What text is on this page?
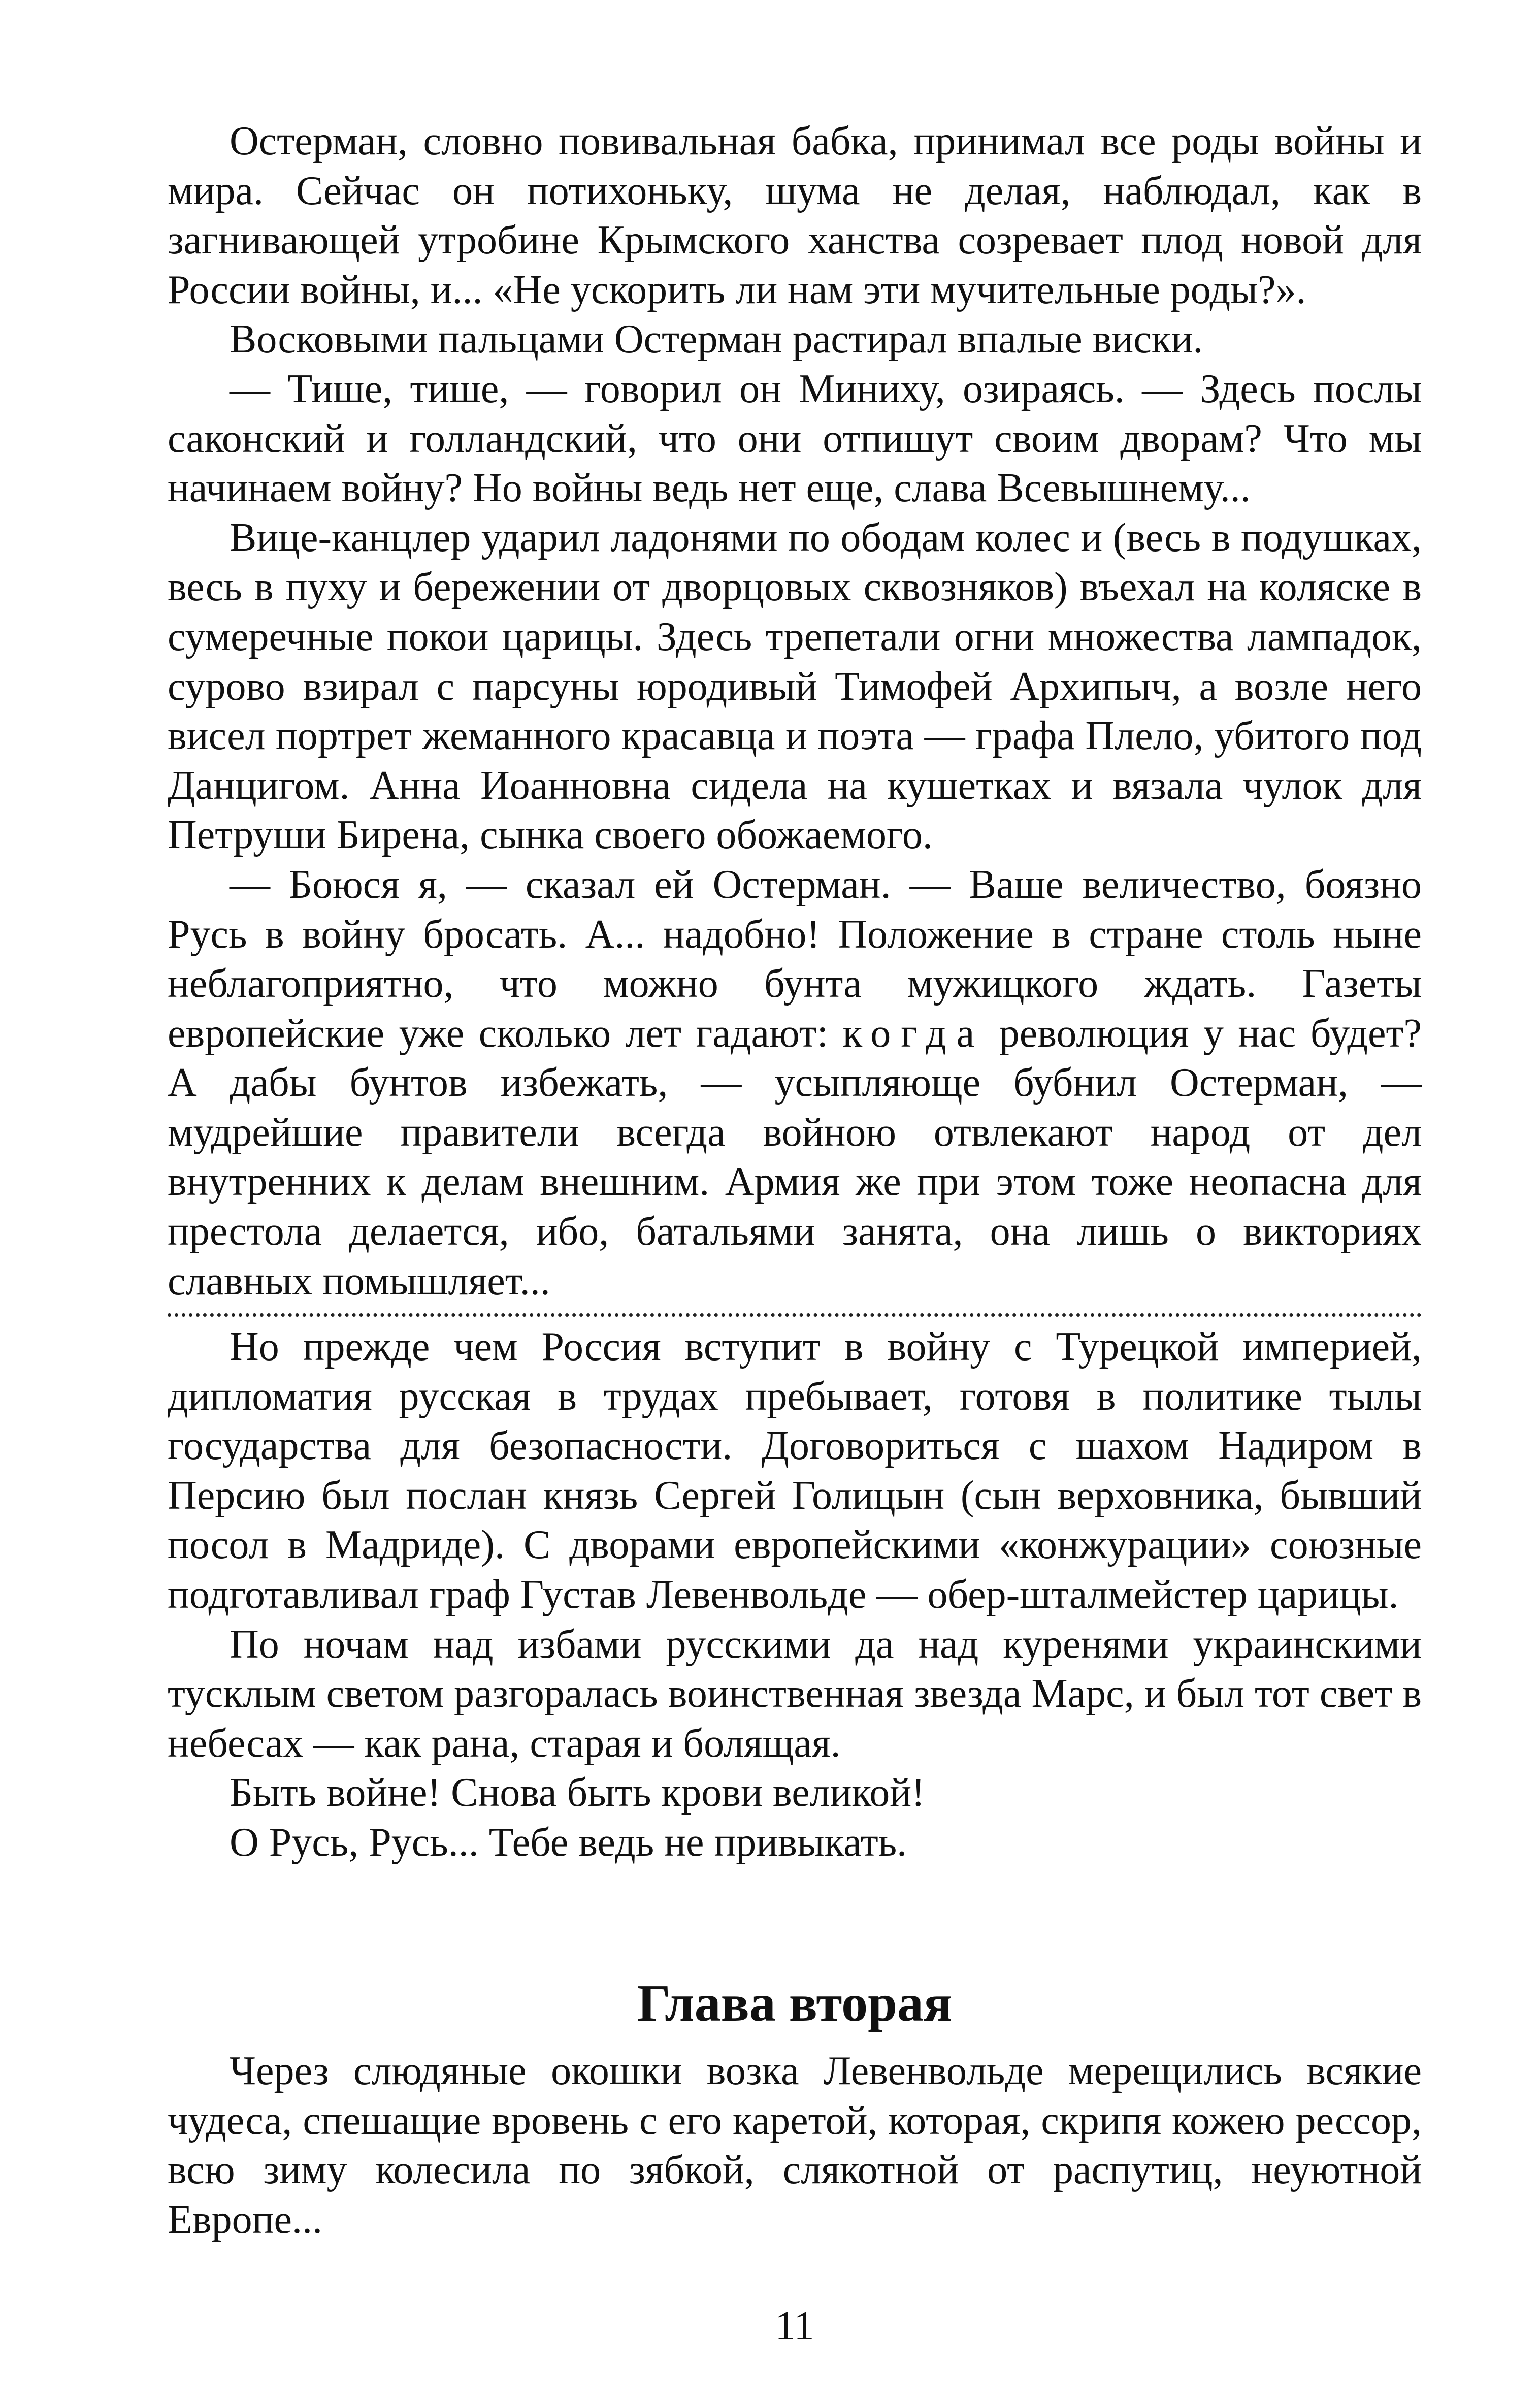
Остерман, словно повивальная бабка, принимал все роды войны и мира. Сейчас он потихоньку, шума не делая, наблюдал, как в загнивающей утробине Крымского ханства созревает плод новой для России войны, и... «Не ускорить ли нам эти мучительные роды?».

Восковыми пальцами Остерман растирал впалые виски.

— Тише, тише, — говорил он Миниху, озираясь. — Здесь послы саконский и голландский, что они отпишут своим дворам? Что мы начинаем войну? Но войны ведь нет еще, слава Всевышнему...

Вице-канцлер ударил ладонями по ободам колес и (весь в подушках, весь в пуху и бережении от дворцовых сквозняков) въехал на коляске в сумеречные покои царицы. Здесь трепетали огни множества лампадок, сурово взирал с парсуны юродивый Тимофей Архипыч, а возле него висел портрет жеманного красавца и поэта — графа Плело, убитого под Данцигом. Анна Иоанновна сидела на кушетках и вязала чулок для Петруши Бирена, сынка своего обожаемого.

— Боюся я, — сказал ей Остерман. — Ваше величество, боязно Русь в войну бросать. А... надобно! Положение в стране столь ныне неблагоприятно, что можно бунта мужицкого ждать. Газеты европейские уже сколько лет гадают: когда революция у нас будет? А дабы бунтов избежать, — усыпляюще бубнил Остерман, — мудрейшие правители всегда войною отвлекают народ от дел внутренних к делам внешним. Армия же при этом тоже неопасна для престола делается, ибо, батальями занята, она лишь о викториях славных помышляет...

Но прежде чем Россия вступит в войну с Турецкой империей, дипломатия русская в трудах пребывает, готовя в политике тылы государства для безопасности. Договориться с шахом Надиром в Персию был послан князь Сергей Голицын (сын верховника, бывший посол в Мадриде). С дворами европейскими «конжурации» союзные подготавливал граф Густав Левенвольде — обер-шталмейстер царицы.

По ночам над избами русскими да над куренями украинскими тусклым светом разгоралась воинственная звезда Марс, и был тот свет в небесах — как рана, старая и болящая.

Быть войне! Снова быть крови великой!

О Русь, Русь... Тебе ведь не привыкать.

Глава вторая

Через слюдяные окошки возка Левенвольде мерещились всякие чудеса, спешащие вровень с его каретой, которая, скрипя кожею рессор, всю зиму колесила по зябкой, слякотной от распутиц, неуютной Европе...

11
